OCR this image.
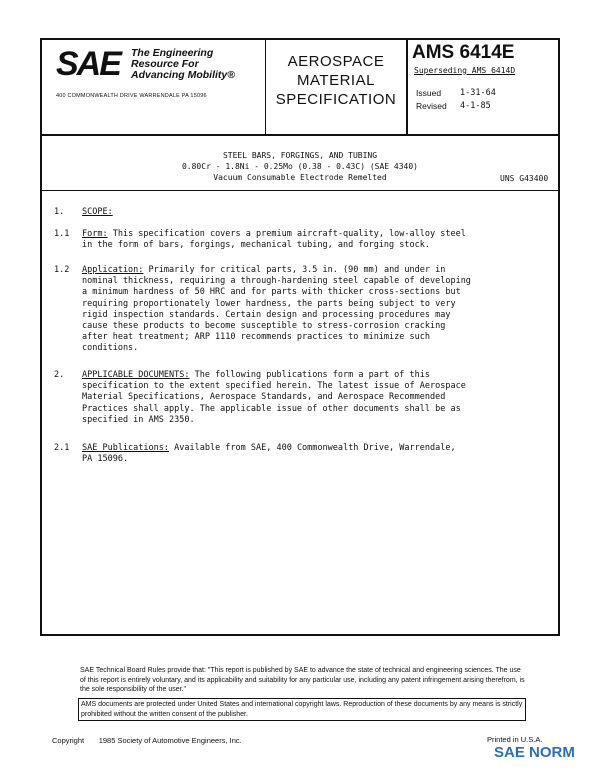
SAE	The Engineering
Resource For
Advancing Mobility®
400 COMMONWEALTH DRIVE WARRENDALE PA 15096
AEROSPACE
MATERIAL
SPECIFICATION
AMS 6414E
Superseding AMS 6414D
Issued 1-31-64
Revised 4-1-85
STEEL BARS, FORGINGS, AND TUBING
0.80Cr - 1.8Ni - 0.25Mo (0.38 - 0.43C) (SAE 4340)
Vacuum Consumable Electrode Remelted	UNS G43400
1. SCOPE:
1.1 Form: This specification covers a premium aircraft-quality, low-alloy steel
in the form of bars, forgings, mechanical tubing, and forging stock.
1.2 Application: Primarily for critical parts, 3.5 in. (90 mm) and under in
nominal thickness, requiring a through-hardening steel capable of developing
a minimum hardness of 50 HRC and for parts with thicker cross-sections but
requiring proportionately lower hardness, the parts being subject to very
rigid inspection standards. Certain design and processing procedures may
cause these products to become susceptible to stress-corrosion cracking
after heat treatment; ARP 1110 recommends practices to minimize such
conditions.
2. APPLICABLE DOCUMENTS: The following publications form a part of this
specification to the extent specified herein. The latest issue of Aerospace
Material Specifications, Aerospace Standards, and Aerospace Recommended
Practices shall apply. The applicable issue of other documents shall be as
specified in AMS 2350.
2.1 SAE Publications: Available from SAE, 400 Commonwealth Drive, Warrendale,
PA 15096.
SAE Technical Board Rules provide that: "This report is published by SAE to advance the state of technical and engineering sciences. The use of this report is entirely voluntary, and its applicability and suitability for any particular use, including any patent infringement arising therefrom, is the sole responsibility of the user."
AMS documents are protected under United States and international copyright laws. Reproduction of these documents by any means is strictly prohibited without the written consent of the publisher.
Copyright 1985 Society of Automotive Engineers, Inc.	Printed in U.S.A.
SAE NORM
